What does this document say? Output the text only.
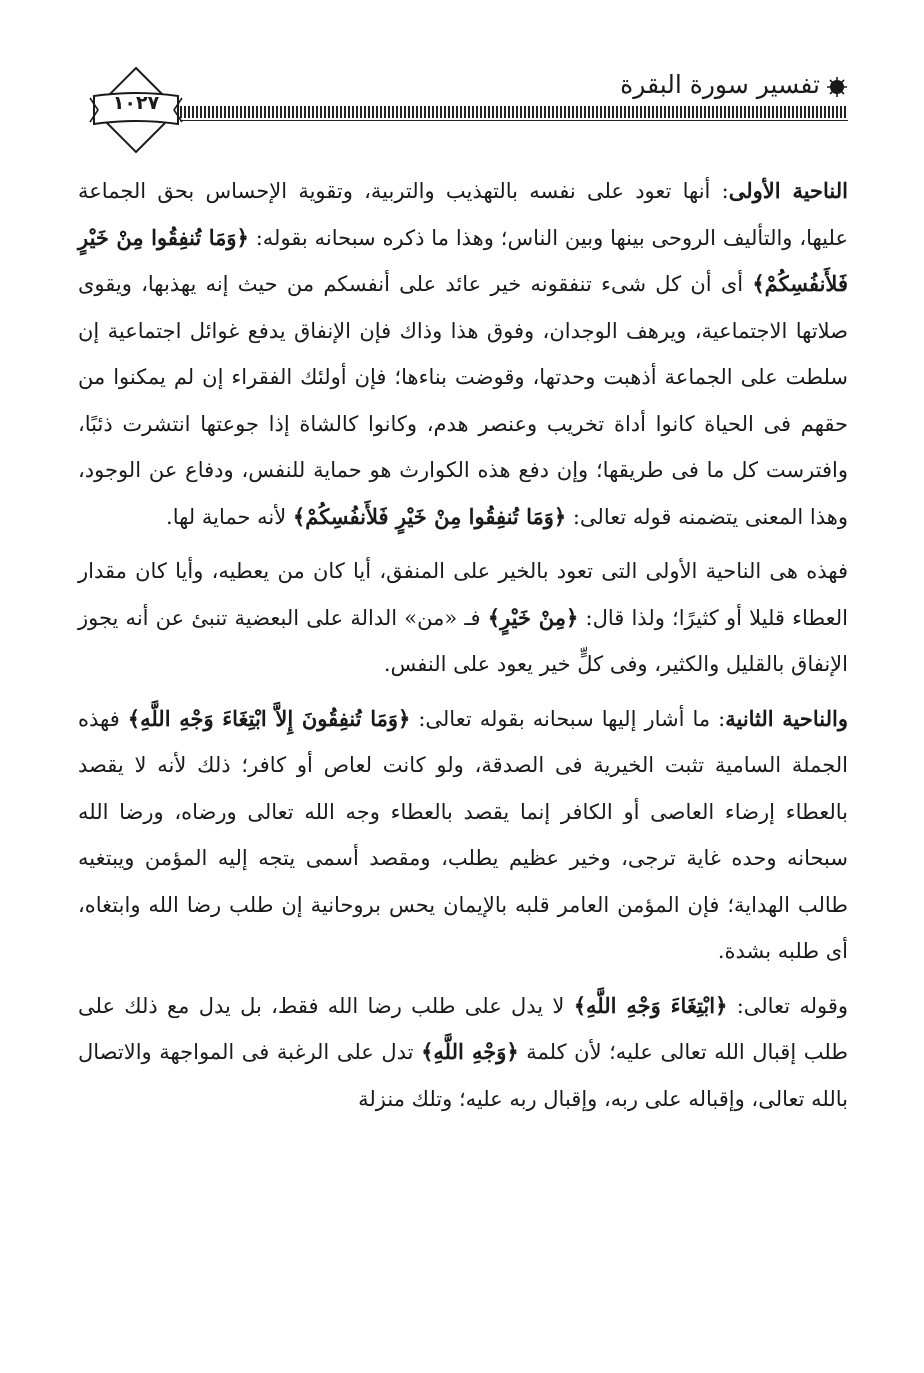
تفسير سورة البقرة
١٠٢٧

الناحية الأولى: أنها تعود على نفسه بالتهذيب والتربية، وتقوية الإحساس بحق الجماعة عليها، والتأليف الروحى بينها وبين الناس؛ وهذا ما ذكره سبحانه بقوله: ﴿وَمَا تُنفِقُوا مِنْ خَيْرٍ فَلأَنفُسِكُمْ﴾ أى أن كل شىء تنفقونه خير عائد على أنفسكم من حيث إنه يهذبها، ويقوى صلاتها الاجتماعية، ويرهف الوجدان، وفوق هذا وذاك فإن الإنفاق يدفع غوائل اجتماعية إن سلطت على الجماعة أذهبت وحدتها، وقوضت بناءها؛ فإن أولئك الفقراء إن لم يمكنوا من حقهم فى الحياة كانوا أداة تخريب وعنصر هدم، وكانوا كالشاة إذا جوعتها انتشرت ذئبًا، وافترست كل ما فى طريقها؛ وإن دفع هذه الكوارث هو حماية للنفس، ودفاع عن الوجود، وهذا المعنى يتضمنه قوله تعالى: ﴿وَمَا تُنفِقُوا مِنْ خَيْرٍ فَلأَنفُسِكُمْ﴾ لأنه حماية لها.

فهذه هى الناحية الأولى التى تعود بالخير على المنفق، أيا كان من يعطيه، وأيا كان مقدار العطاء قليلا أو كثيرًا؛ ولذا قال: ﴿مِنْ خَيْرٍ﴾ فـ «من» الدالة على البعضية تنبئ عن أنه يجوز الإنفاق بالقليل والكثير، وفى كلٍّ خير يعود على النفس.

والناحية الثانية: ما أشار إليها سبحانه بقوله تعالى: ﴿وَمَا تُنفِقُونَ إِلاَّ ابْتِغَاءَ وَجْهِ اللَّهِ﴾ فهذه الجملة السامية تثبت الخيرية فى الصدقة، ولو كانت لعاص أو كافر؛ ذلك لأنه لا يقصد بالعطاء إرضاء العاصى أو الكافر إنما يقصد بالعطاء وجه الله تعالى ورضاه، ورضا الله سبحانه وحده غاية ترجى، وخير عظيم يطلب، ومقصد أسمى يتجه إليه المؤمن ويبتغيه طالب الهداية؛ فإن المؤمن العامر قلبه بالإيمان يحس بروحانية إن طلب رضا الله وابتغاه، أى طلبه بشدة.

وقوله تعالى: ﴿ابْتِغَاءَ وَجْهِ اللَّهِ﴾ لا يدل على طلب رضا الله فقط، بل يدل مع ذلك على طلب إقبال الله تعالى عليه؛ لأن كلمة ﴿وَجْهِ اللَّهِ﴾ تدل على الرغبة فى المواجهة والاتصال بالله تعالى، وإقباله على ربه، وإقبال ربه عليه؛ وتلك منزلة
